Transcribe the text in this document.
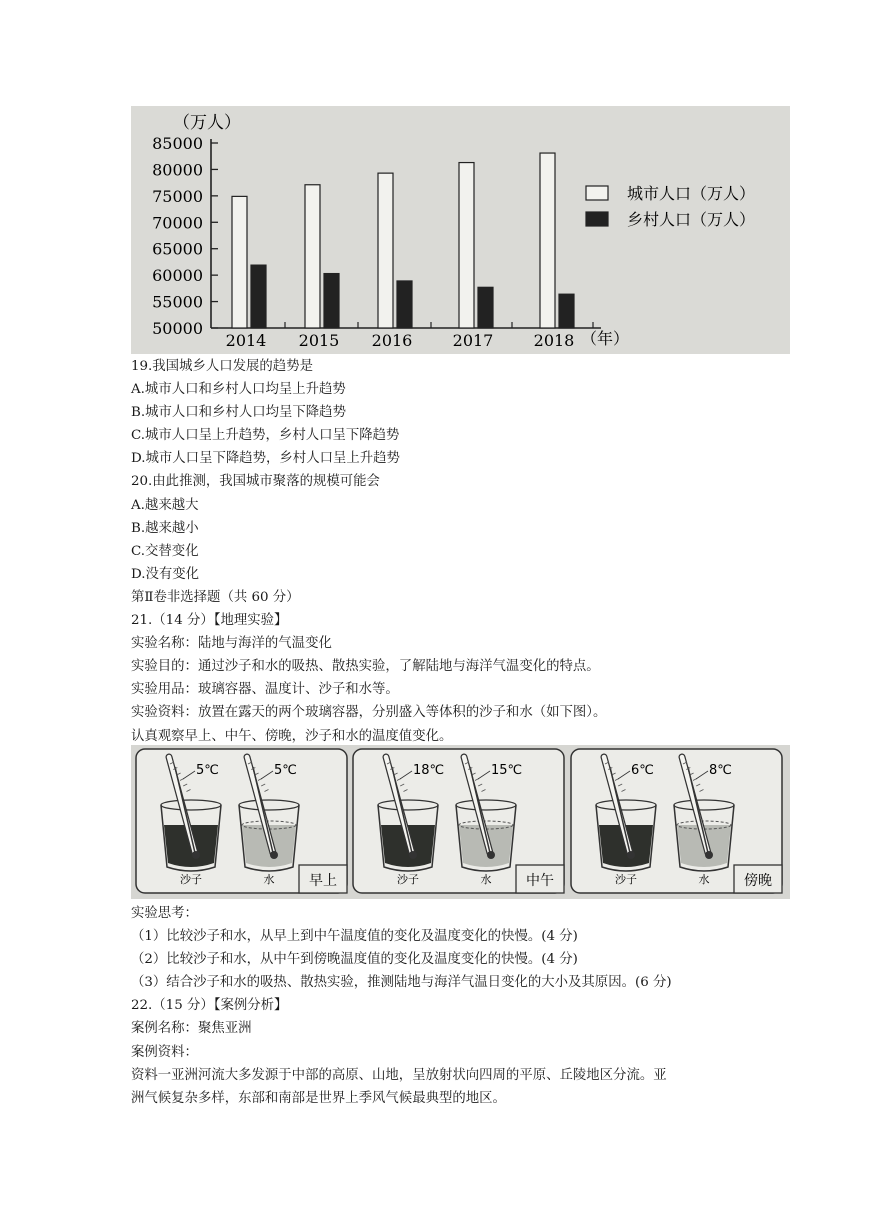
（万人）
85000
80000
75000
70000
65000
60000
55000
50000
2014 2015 2016	2017	2018 （年）
城市人口（万人）
乡村人口（万人）
19.我国城乡人口发展的趋势是
A.城市人口和乡村人口均呈上升趋势
B.城市人口和乡村人口均呈下降趋势
C.城市人口呈上升趋势，乡村人口呈下降趋势
D.城市人口呈下降趋势，乡村人口呈上升趋势
20.由此推测，我国城市聚落的规模可能会
A.越来越大
B.越来越小
C.交替变化
D.没有变化
第Ⅱ卷非选择题（共 60 分）
21.（14 分）【地理实验】
实验名称：陆地与海洋的气温变化
实验目的：通过沙子和水的吸热、散热实验，了解陆地与海洋气温变化的特点。
实验用品：玻璃容器、温度计、沙子和水等。
实验资料：放置在露天的两个玻璃容器，分别盛入等体积的沙子和水（如下图）。
认真观察早上、中午、傍晚，沙子和水的温度值变化。
早上
5℃
沙子
5℃
水	中午
18℃
沙子
15℃
水	傍晚
6℃
沙子
8℃
水
实验思考：
（1）比较沙子和水，从早上到中午温度值的变化及温度变化的快慢。(4 分)
（2）比较沙子和水，从中午到傍晚温度值的变化及温度变化的快慢。(4 分)
（3）结合沙子和水的吸热、散热实验，推测陆地与海洋气温日变化的大小及其原因。(6 分)
22.（15 分）【案例分析】
案例名称：聚焦亚洲
案例资料：
资料一亚洲河流大多发源于中部的高原、山地，呈放射状向四周的平原、丘陵地区分流。亚
洲气候复杂多样，东部和南部是世界上季风气候最典型的地区。
